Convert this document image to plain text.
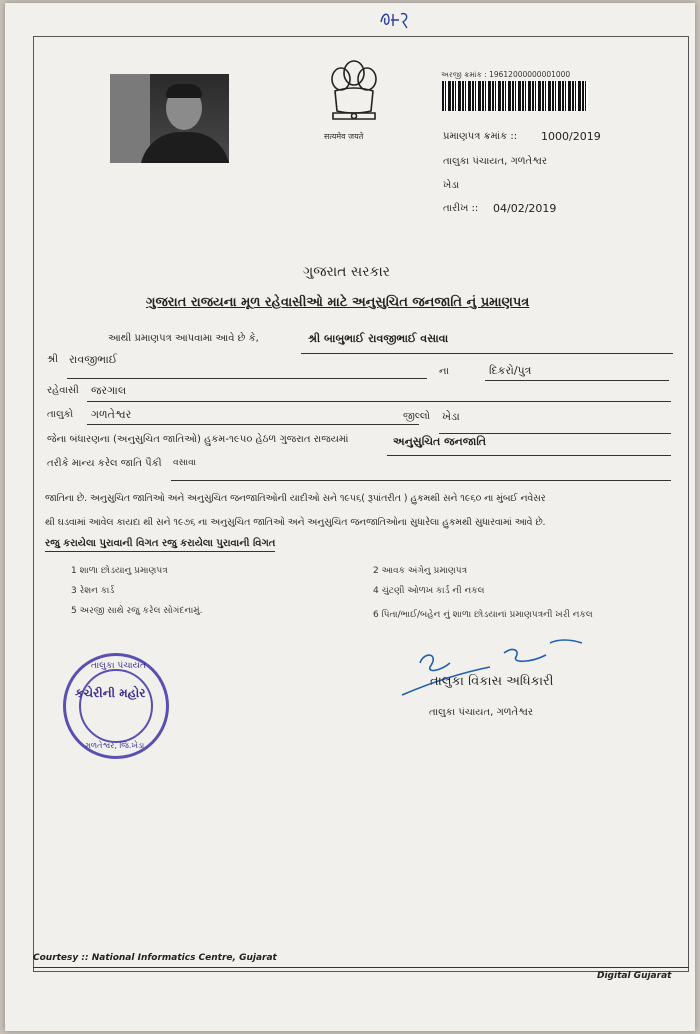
सत्यमेव जयते
અરજી ક્રમાંક : 19612000000001000
પ્રમાણપત્ર ક્રમાંક :: 1000/2019
તાલુકા પંચાયત, ગળતેશ્વર
ખેડા
તારીખ :: 04/02/2019
ગુજરાત સરકાર
ગુજરાત રાજયના મૂળ રહેવાસીઓ માટે અનુસુચિત જનજાતિ નું પ્રમાણપત્ર
આથી પ્રમાણપત્ર આપવામા આવે છે કે,	શ્રી બાબુભાઈ રાવજીભાઈ વસાવા
શ્રી રાવજીભાઈ
ના	દિકરો/પુત્ર
રહેવાસી જરગાલ
તાલુકો ગળતેશ્વર	જીલ્લો ખેડા
જેના બંધારણના (અનુસુચિત જાતિઓ) હુકમ-૧૯૫૦ હેઠળ ગુજરાત રાજયમાં	અનુસુચિત જનજાતિ
તરીકે માન્ય કરેલ જાતિ પૈકી વસાવા
જાતિના છે. અનુસુચિત જાતિઓ અને અનુસુચિત જનજાતિઓની યાદીઓ સને ૧૯૫૬( રૂપાંતરીત ) હુકમથી સને ૧૯૬૦ ના મુંબઈ નવેસર
થી ઘડવામાં આવેલ કાયદા થી સને ૧૯૭૬ ના અનુસુચિત જાતિઓ અને અનુસુચિત જનજાતિઓના સુધારેલા હુકમથી સુધારવામાં આવે છે.
રજુ કરાયેલા પુરાવાની વિગત રજુ કરાયેલા પુરાવાની વિગત
1 શાળા છોડયાનુ પ્રમાણપત્ર	2 આવક અંગેનુ પ્રમાણપત્ર
3 રેશન કાર્ડ	4 ચુંટણી ઓળખ કાર્ડ ની નકલ
5 અરજી સાથે રજુ કરેલ સોગંદનામું.	6 પિતા/ભાઈ/બહેન નું શાળા છોડયાનાં પ્રમાણપત્રની ખરી નકલ
કચેરીની મહોર
તાલુકા પંચાયત
ગળતેશ્વર, જિ.ખેડા
તાલુકા વિકાસ અધિકારી
તાલુકા પંચાયત, ગળતેશ્વર
Courtesy :: National Informatics Centre, Gujarat
Digital Gujarat
